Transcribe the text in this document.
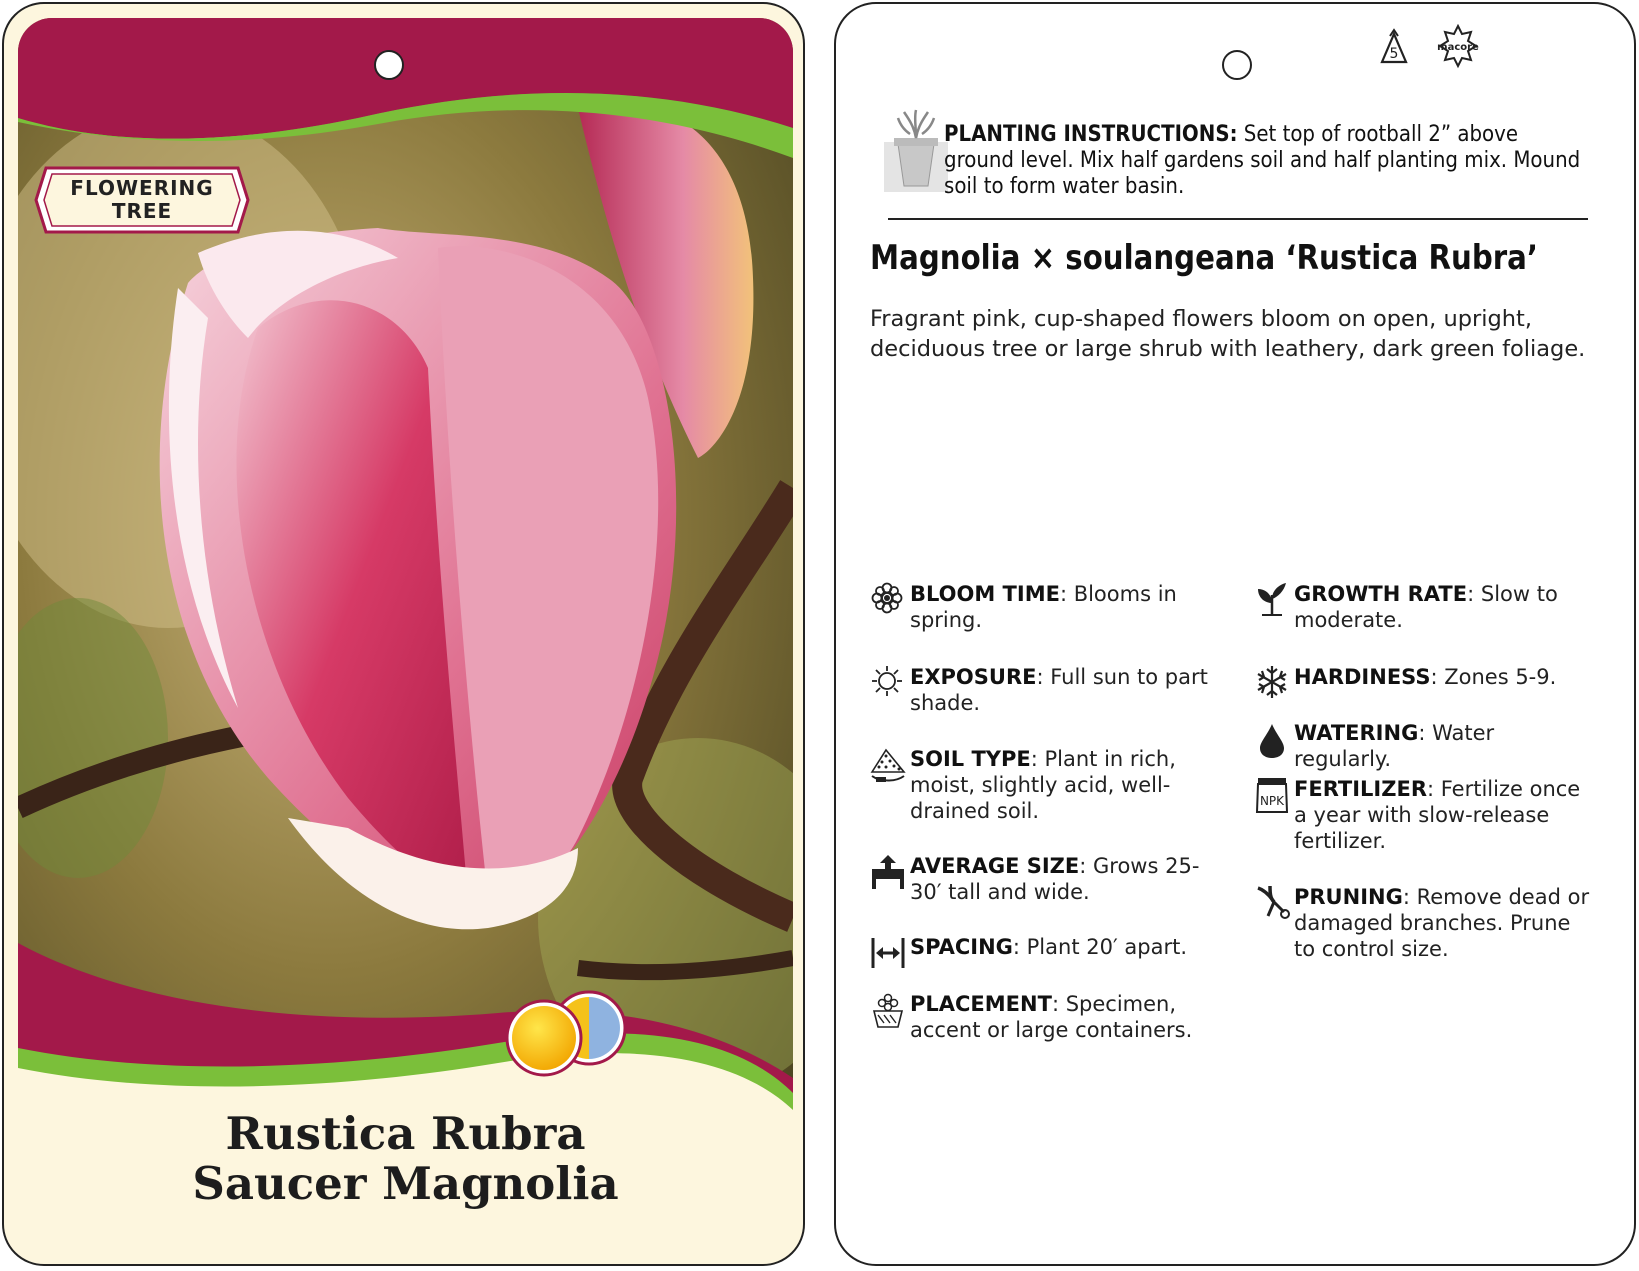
FLOWERING
TREE
Rustica Rubra
Saucer Magnolia
5	macore
PLANTING INSTRUCTIONS: Set top of rootball 2” above ground level. Mix half gardens soil and half planting mix. Mound soil to form water basin.
Magnolia × soulangeana ‘Rustica Rubra’
Fragrant pink, cup-shaped flowers bloom on open, upright, deciduous tree or large shrub with leathery, dark green foliage.
BLOOM TIME: Blooms in spring.
EXPOSURE: Full sun to part shade.
SOIL TYPE: Plant in rich, moist, slightly acid, well-drained soil.
AVERAGE SIZE: Grows 25-30′ tall and wide.
SPACING: Plant 20′ apart.
PLACEMENT: Specimen, accent or large containers.
GROWTH RATE: Slow to moderate.
HARDINESS: Zones 5-9.
WATERING: Water regularly.
NPK FERTILIZER: Fertilize once a year with slow-release fertilizer.
PRUNING: Remove dead or damaged branches. Prune to control size.
